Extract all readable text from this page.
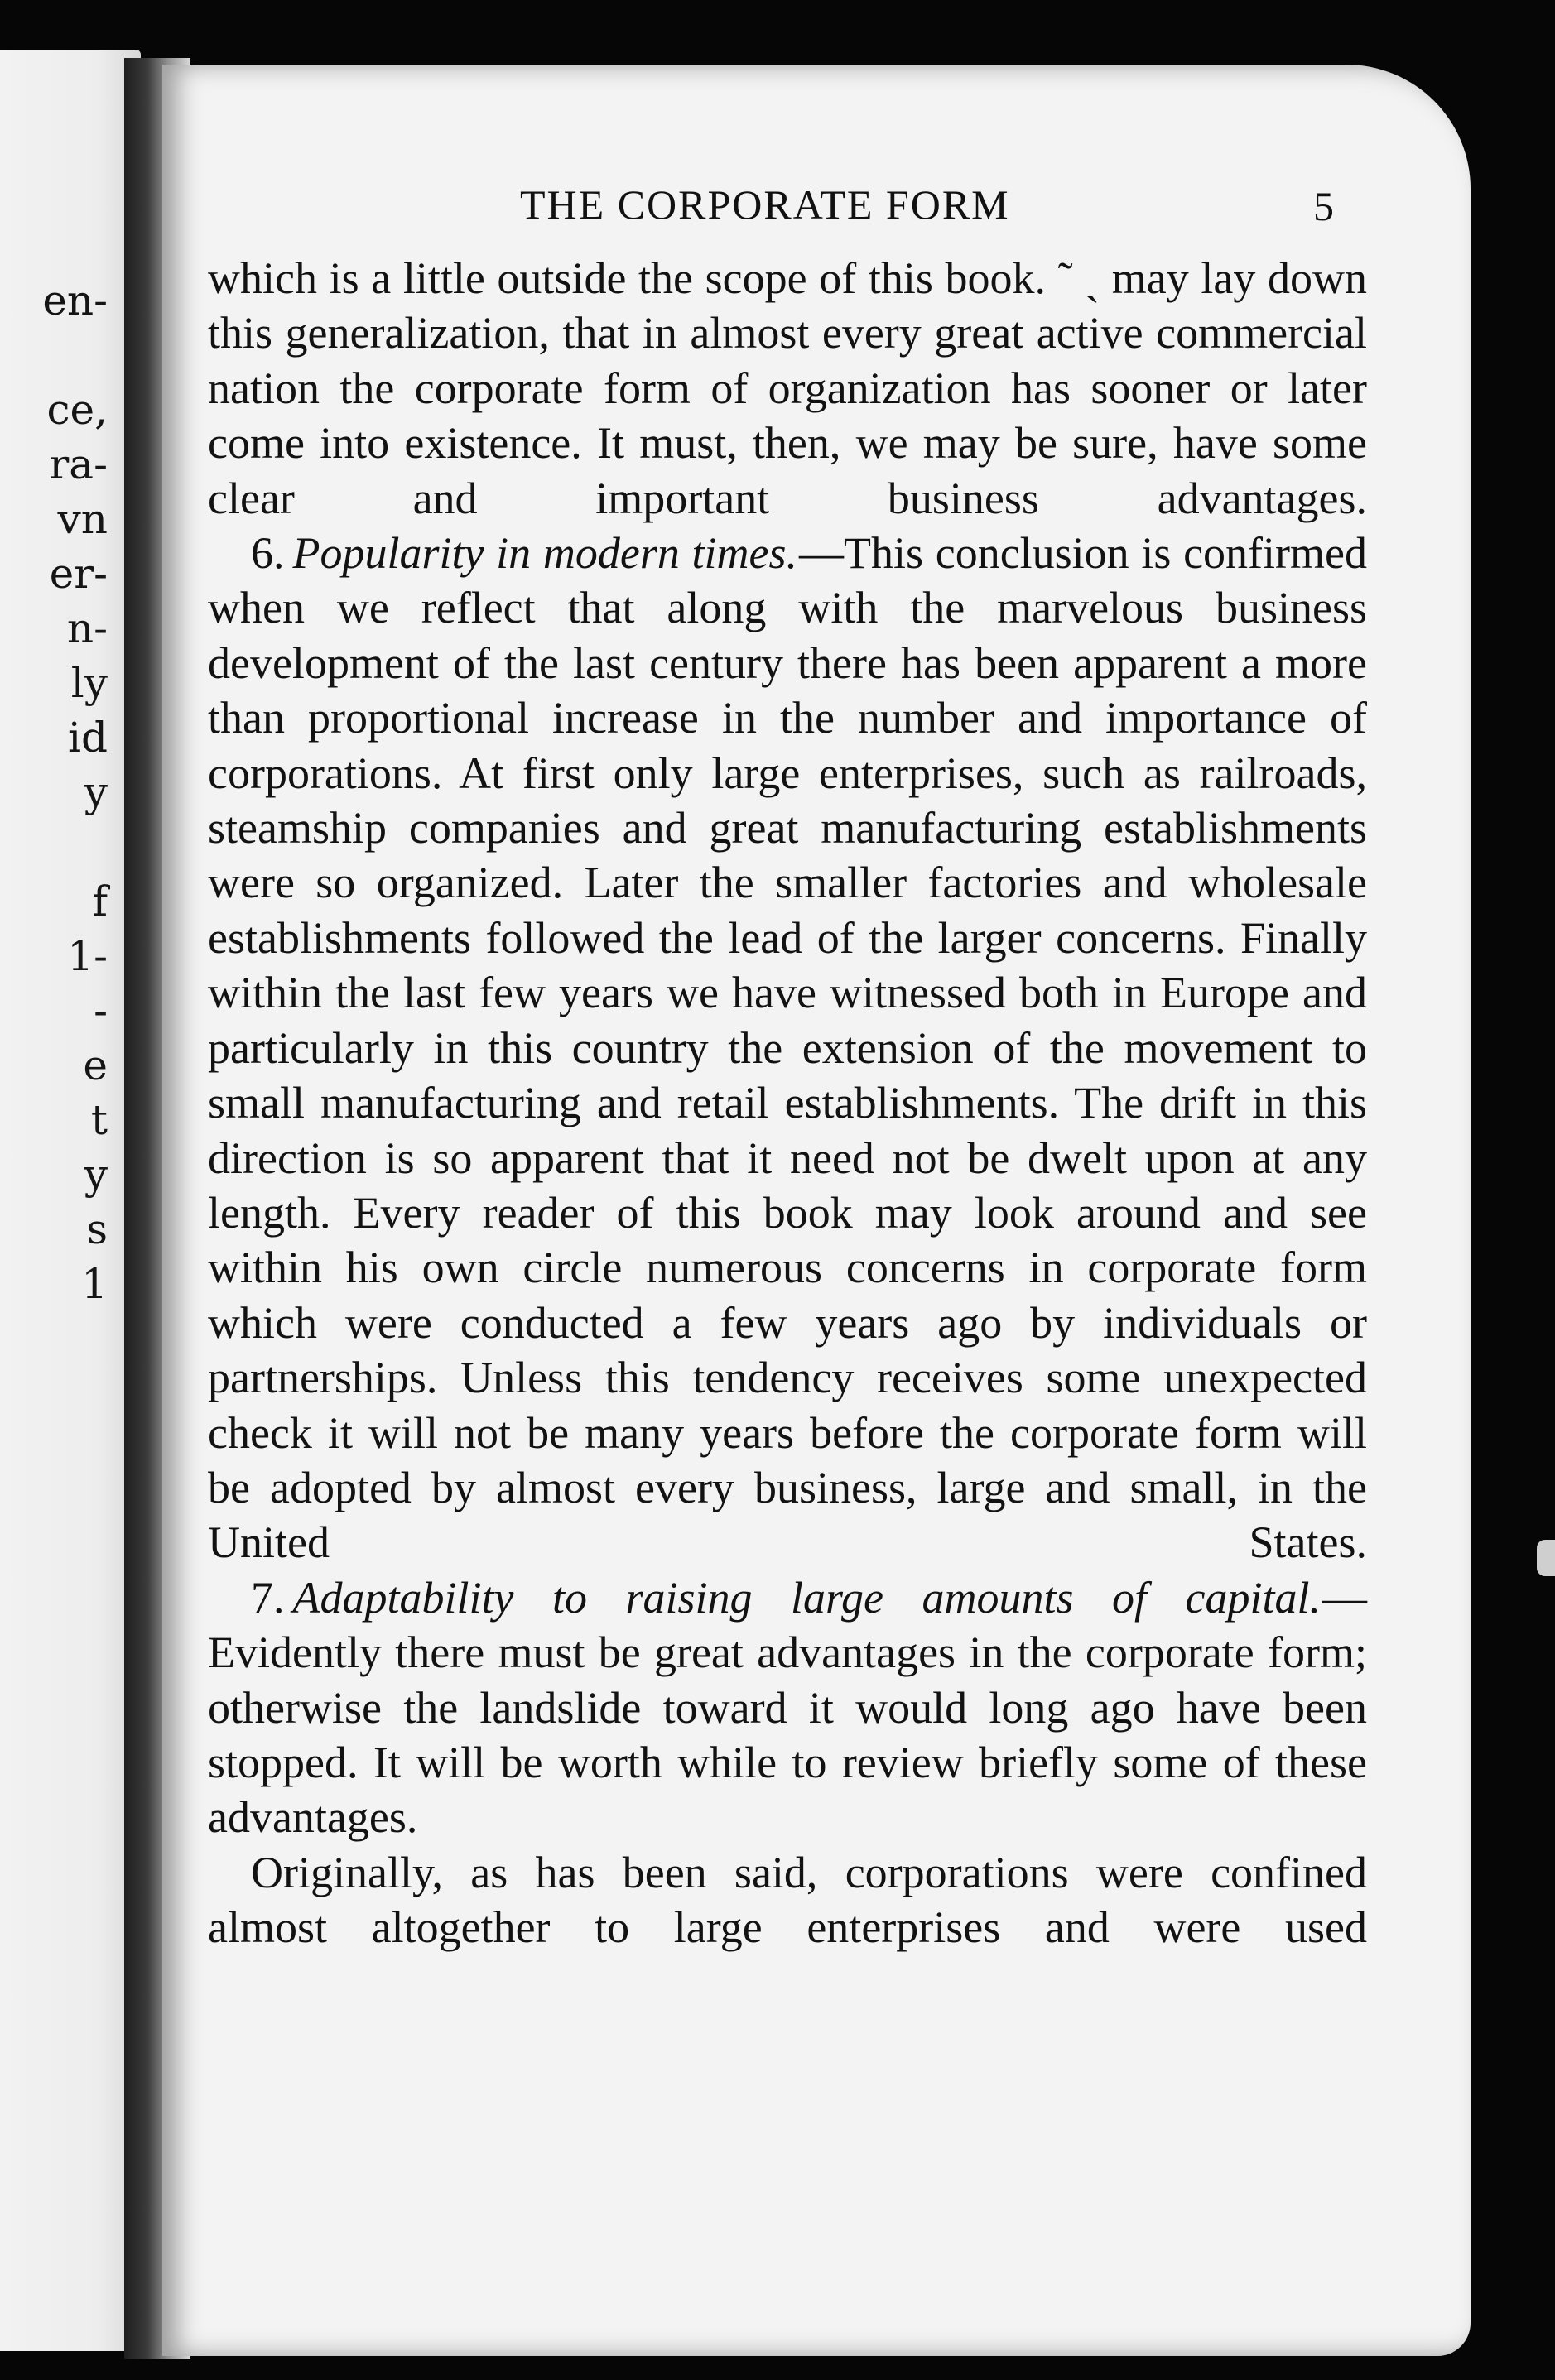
en-
ce,
ra-
vn
er-
n-
ly
id
y
f
1-
-
e
t
y
s
1
THE CORPORATE FORM	5

which is a little outside the scope of this book. ˜ ˎ may lay down this generalization, that in almost every great active commercial nation the corporate form of organization has sooner or later come into existence. It must, then, we may be sure, have some clear and important business advantages.

6. Popularity in modern times.—This conclusion is confirmed when we reflect that along with the marvelous business development of the last century there has been apparent a more than proportional increase in the number and importance of corporations. At first only large enterprises, such as railroads, steamship companies and great manufacturing establishments were so organized. Later the smaller factories and wholesale establishments followed the lead of the larger concerns. Finally within the last few years we have witnessed both in Europe and particularly in this country the extension of the movement to small manufacturing and retail establishments. The drift in this direction is so apparent that it need not be dwelt upon at any length. Every reader of this book may look around and see within his own circle numerous concerns in corporate form which were conducted a few years ago by individuals or partnerships. Unless this tendency receives some unexpected check it will not be many years before the corporate form will be adopted by almost every business, large and small, in the United States.

7. Adaptability to raising large amounts of capital.— Evidently there must be great advantages in the corporate form; otherwise the landslide toward it would long ago have been stopped. It will be worth while to review briefly some of these advantages.

Originally, as has been said, corporations were confined almost altogether to large enterprises and were used
